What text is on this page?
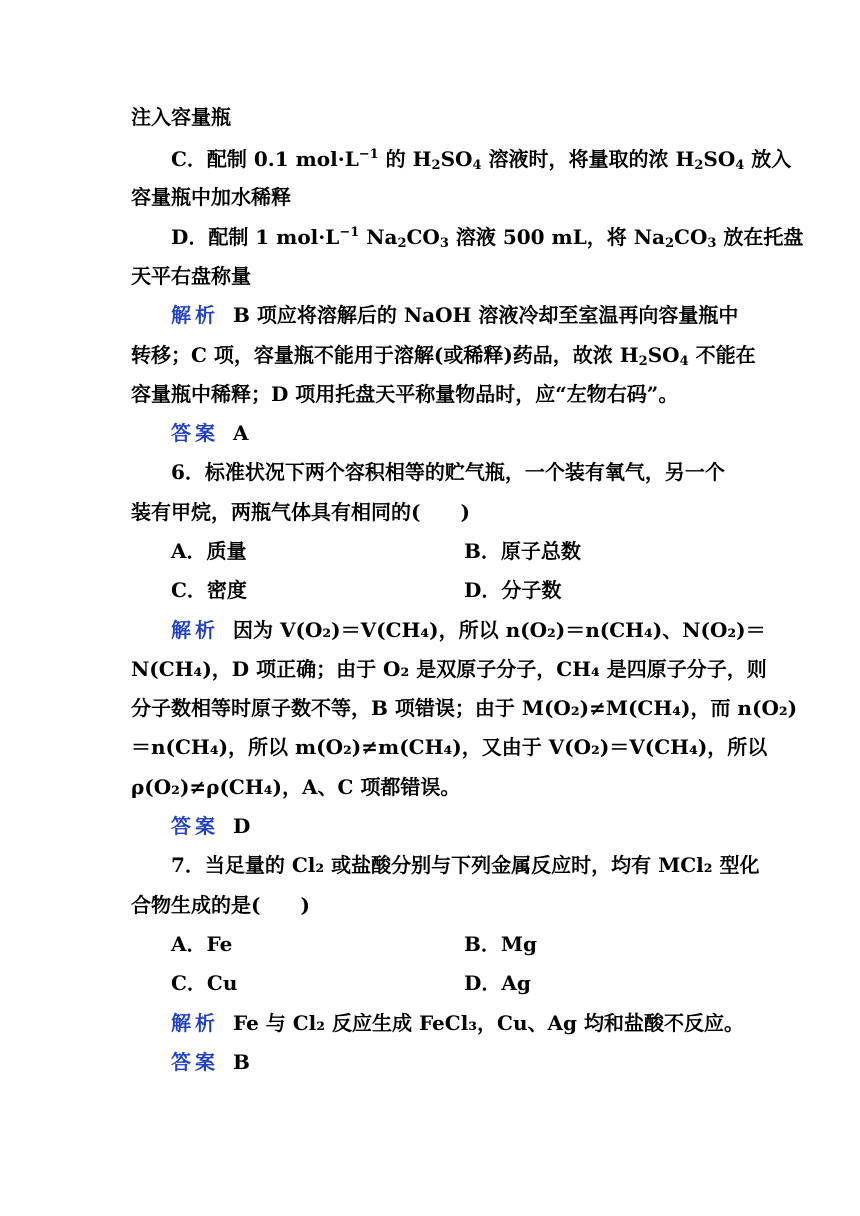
注入容量瓶
C．配制 0.1 $mol\cdot L^{-1}$ 的 $H_2SO_4$ 溶液时，将量取的浓 $H_2SO_4$ 放入
容量瓶中加水稀释
D．配制 1 $mol\cdot L^{-1}$ $Na_2CO_3$ 溶液 500 mL，将 $Na_2CO_3$ 放在托盘
天平右盘称量
解析 B 项应将溶解后的 NaOH 溶液冷却至室温再向容量瓶中
转移；C 项，容量瓶不能用于溶解(或稀释)药品，故浓 $H_2SO_4$ 不能在
容量瓶中稀释；D 项用托盘天平称量物品时，应“左物右码”。
答案 A
6．标准状况下两个容积相等的贮气瓶，一个装有氧气，另一个
装有甲烷，两瓶气体具有相同的(　　)
A．质量	B．原子总数
C．密度	D．分子数
解析 因为 V(O₂)＝V(CH₄)，所以 n(O₂)＝n(CH₄)、N(O₂)＝
N(CH₄)，D 项正确；由于 O₂ 是双原子分子，CH₄ 是四原子分子，则
分子数相等时原子数不等，B 项错误；由于 M(O₂)≠M(CH₄)，而 n(O₂)
＝n(CH₄)，所以 m(O₂)≠m(CH₄)，又由于 V(O₂)＝V(CH₄)，所以
ρ(O₂)≠ρ(CH₄)，A、C 项都错误。
答案 D
7．当足量的 Cl₂ 或盐酸分别与下列金属反应时，均有 MCl₂ 型化
合物生成的是(　　)
A．Fe	B．Mg
C．Cu	D．Ag
解析 Fe 与 Cl₂ 反应生成 FeCl₃，Cu、Ag 均和盐酸不反应。
答案 B
